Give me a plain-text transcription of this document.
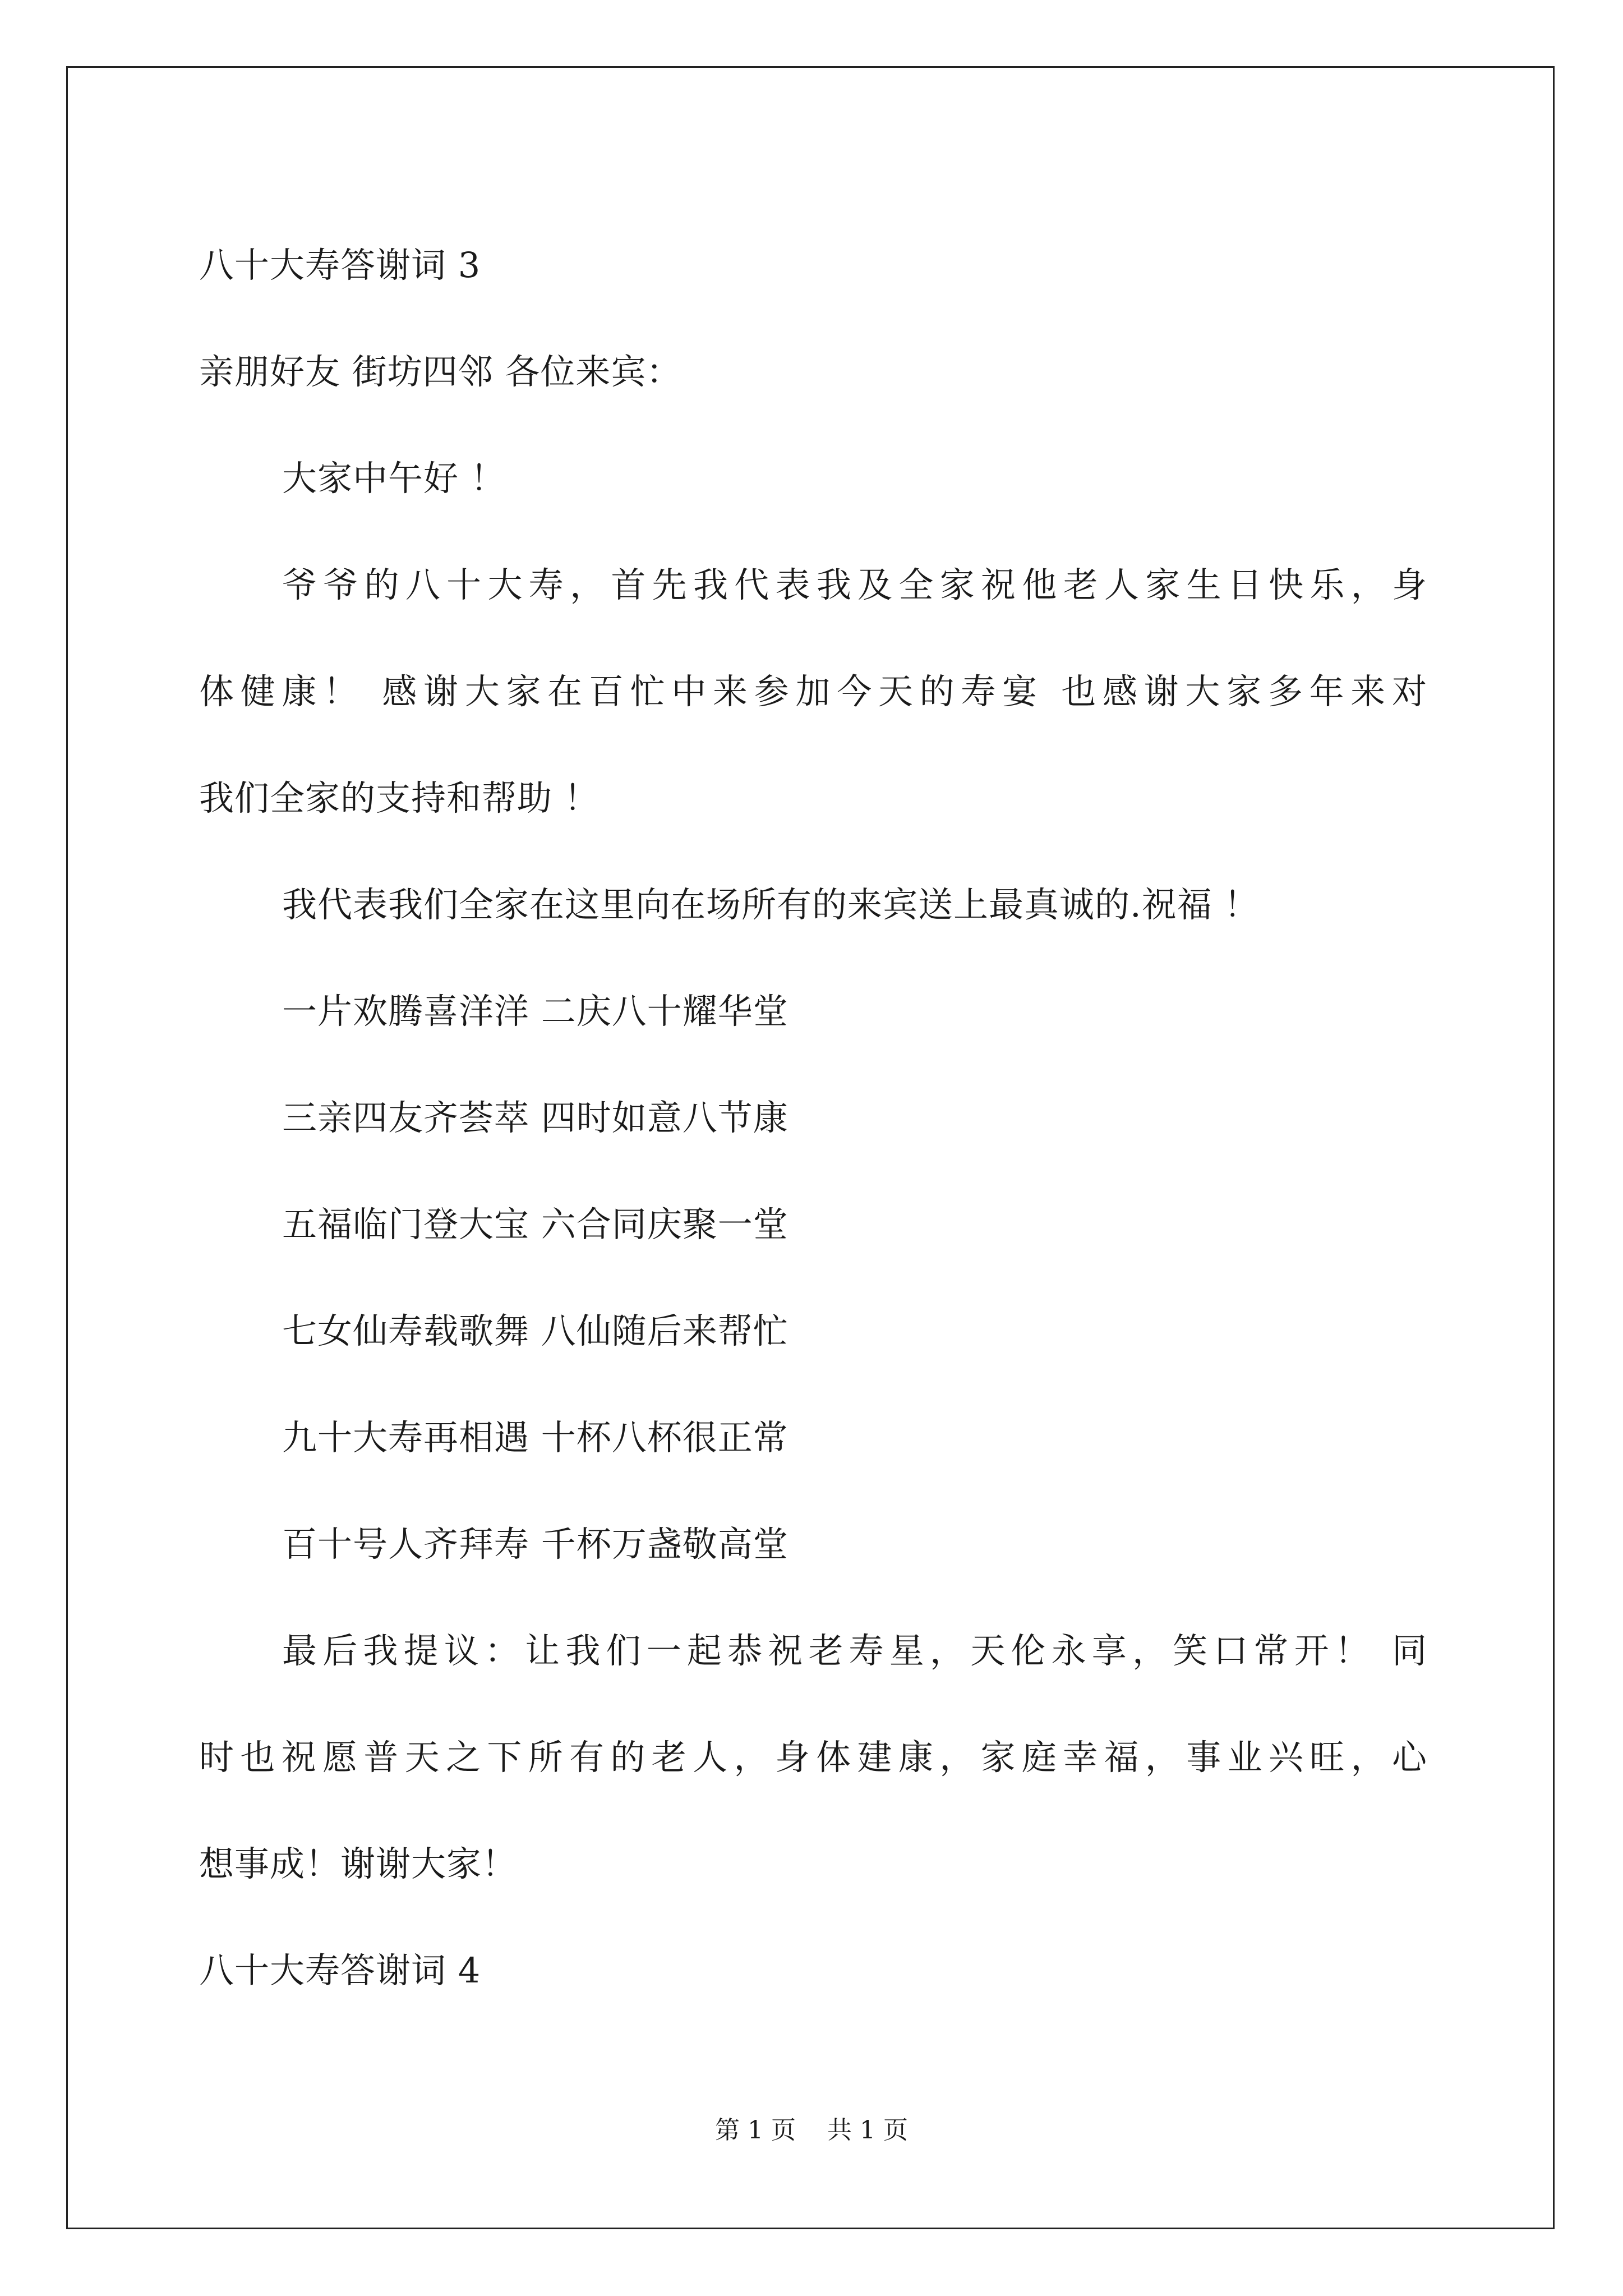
八十大寿答谢词 3
亲朋好友 街坊四邻 各位来宾：
大家中午好 ！
爷爷的八十大寿，首先我代表我及全家祝他老人家生日快乐，身
体健康！ 感谢大家在百忙中来参加今天的寿宴 也感谢大家多年来对
我们全家的支持和帮助 ！
我代表我们全家在这里向在场所有的来宾送上最真诚的.祝福 ！
一片欢腾喜洋洋 二庆八十耀华堂
三亲四友齐荟萃 四时如意八节康
五福临门登大宝 六合同庆聚一堂
七女仙寿载歌舞 八仙随后来帮忙
九十大寿再相遇 十杯八杯很正常
百十号人齐拜寿 千杯万盏敬高堂
最后我提议：让我们一起恭祝老寿星，天伦永享，笑口常开！ 同
时也祝愿普天之下所有的老人，身体建康，家庭幸福，事业兴旺，心
想事成！谢谢大家！
八十大寿答谢词 4
第 1 页 共 1 页
